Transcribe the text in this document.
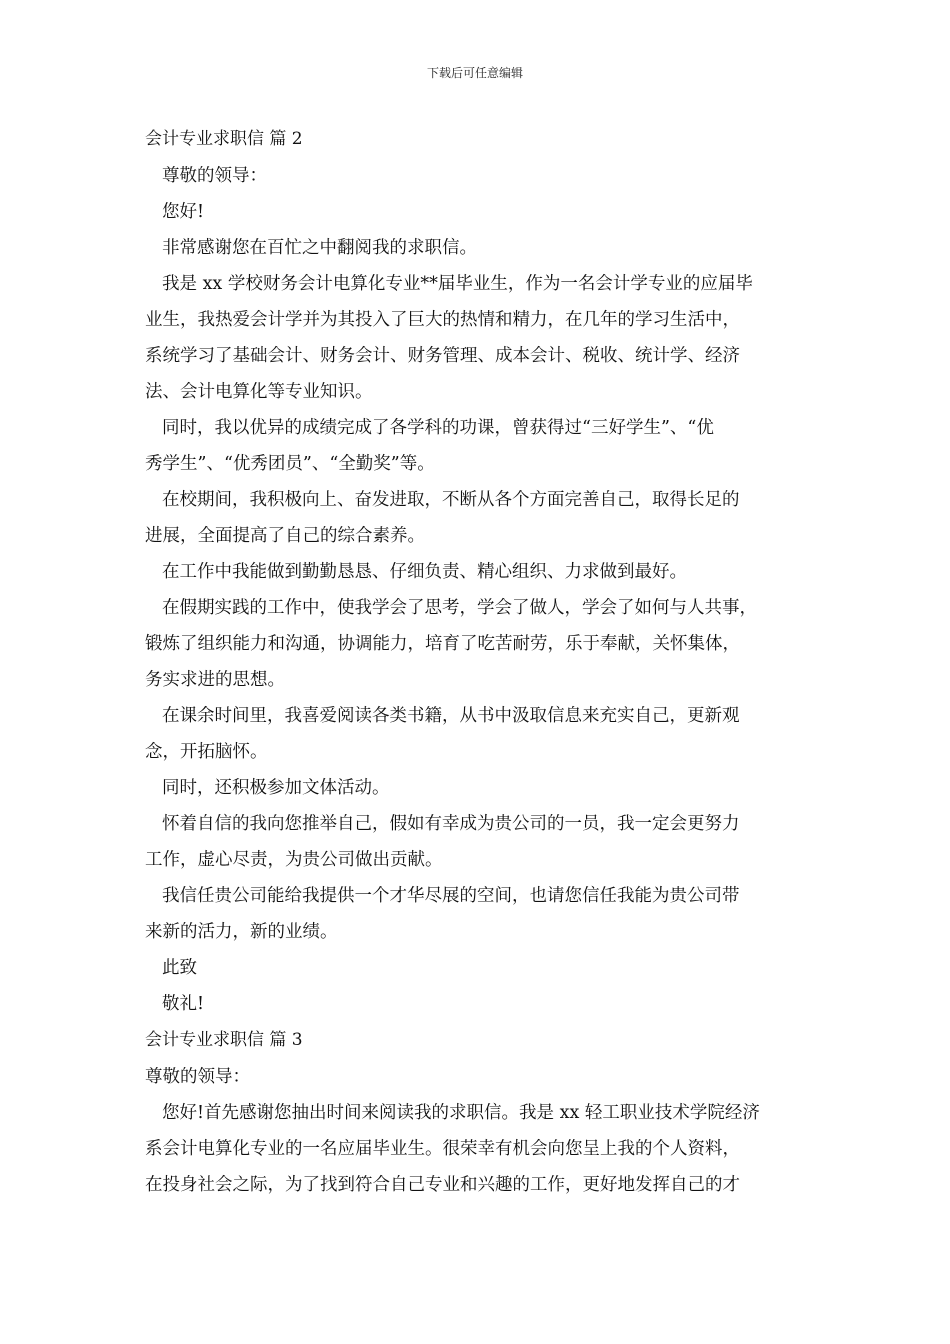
下载后可任意编辑
会计专业求职信 篇 2

尊敬的领导：

您好!

非常感谢您在百忙之中翻阅我的求职信。

我是 xx 学校财务会计电算化专业**届毕业生，作为一名会计学专业的应届毕
业生，我热爱会计学并为其投入了巨大的热情和精力，在几年的学习生活中，
系统学习了基础会计、财务会计、财务管理、成本会计、税收、统计学、经济
法、会计电算化等专业知识。

同时，我以优异的成绩完成了各学科的功课，曾获得过“三好学生”、“优
秀学生”、“优秀团员”、“全勤奖”等。

在校期间，我积极向上、奋发进取，不断从各个方面完善自己，取得长足的
进展，全面提高了自己的综合素养。

在工作中我能做到勤勤恳恳、仔细负责、精心组织、力求做到最好。

在假期实践的工作中，使我学会了思考，学会了做人，学会了如何与人共事，
锻炼了组织能力和沟通，协调能力，培育了吃苦耐劳，乐于奉献，关怀集体，
务实求进的思想。

在课余时间里，我喜爱阅读各类书籍，从书中汲取信息来充实自己，更新观
念，开拓脑怀。

同时，还积极参加文体活动。

怀着自信的我向您推举自己，假如有幸成为贵公司的一员，我一定会更努力
工作，虚心尽责，为贵公司做出贡献。

我信任贵公司能给我提供一个才华尽展的空间，也请您信任我能为贵公司带
来新的活力，新的业绩。

此致

敬礼!

会计专业求职信 篇 3

尊敬的领导：

您好!首先感谢您抽出时间来阅读我的求职信。我是 xx 轻工职业技术学院经济
系会计电算化专业的一名应届毕业生。很荣幸有机会向您呈上我的个人资料，
在投身社会之际，为了找到符合自己专业和兴趣的工作，更好地发挥自己的才
